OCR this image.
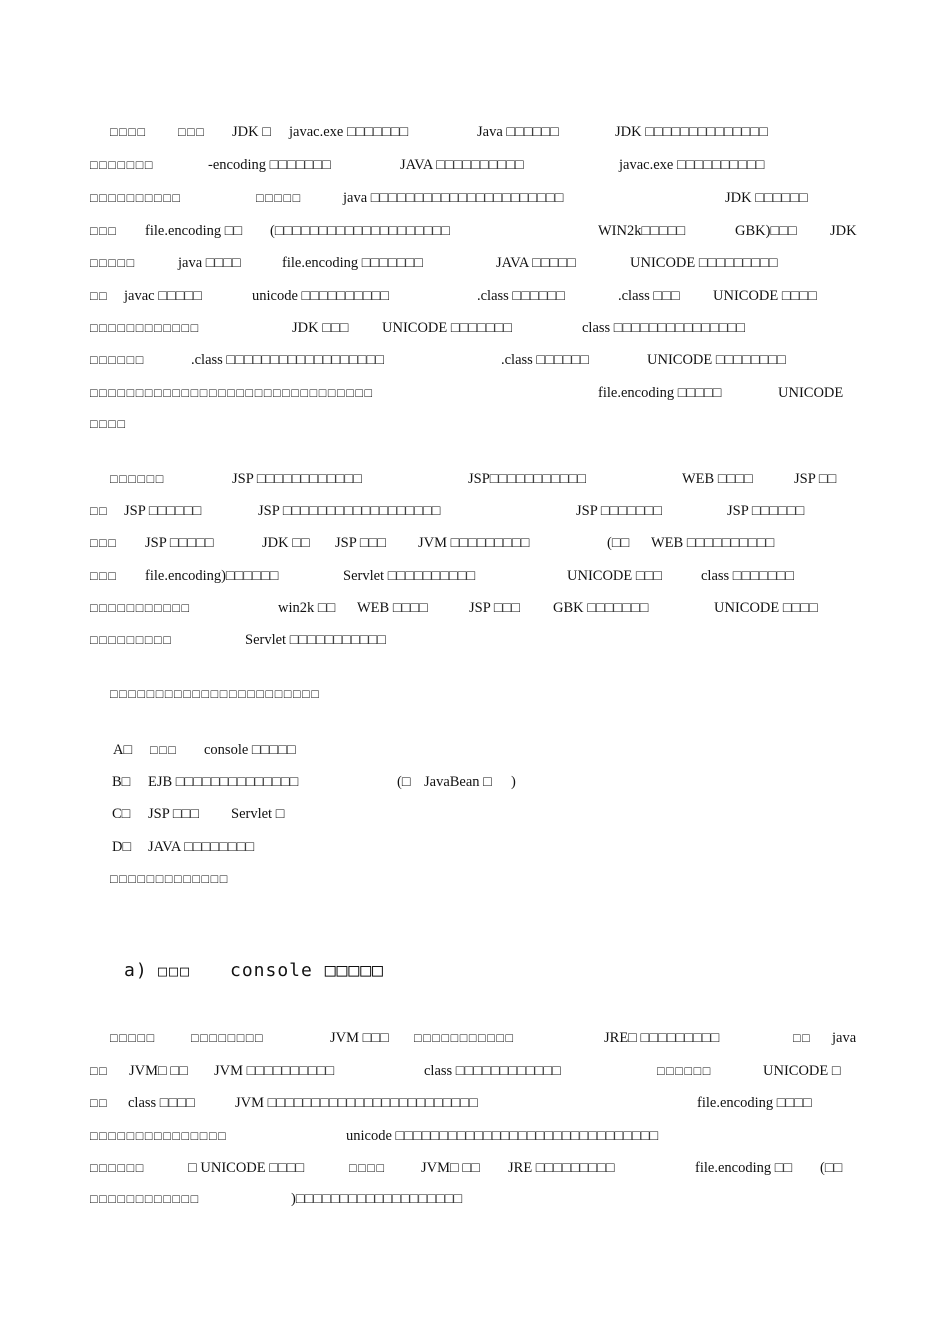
□□□□	□□□ JDK □ javac.exe □□□□□□□	Java □□□□□□	JDK □□□□□□□□□□□□□□
□□□□□□□	-encoding □□□□□□□	JAVA □□□□□□□□□□	javac.exe □□□□□□□□□□
□□□□□□□□□□	□□□□□	java □□□□□□□□□□□□□□□□□□□□□□	JDK □□□□□□
□□□ file.encoding □□ (□□□□□□□□□□□□□□□□□□□□	WIN2k□□□□□	GBK)□□□ JDK
□□□□□	java □□□□	file.encoding □□□□□□□	JAVA □□□□□	UNICODE □□□□□□□□□
□□ javac □□□□□	unicode □□□□□□□□□□	.class □□□□□□	.class □□□ UNICODE □□□□
□□□□□□□□□□□□	JDK □□□ UNICODE □□□□□□□	class □□□□□□□□□□□□□□□
□□□□□□	.class □□□□□□□□□□□□□□□□□□	.class □□□□□□	UNICODE □□□□□□□□
□□□□□□□□□□□□□□□□□□□□□□□□□□□□□□□	file.encoding □□□□□	UNICODE
□□□□
□□□□□□	JSP □□□□□□□□□□□□	JSP□□□□□□□□□□□	WEB □□□□	JSP □□
□□ JSP □□□□□□	JSP □□□□□□□□□□□□□□□□□□	JSP □□□□□□□	JSP □□□□□□
□□□ JSP □□□□□	JDK □□ JSP □□□ JVM □□□□□□□□□	(□□ WEB □□□□□□□□□□
□□□ file.encoding)□□□□□□	Servlet □□□□□□□□□□	UNICODE □□□	class □□□□□□□
□□□□□□□□□□□	win2k □□ WEB □□□□	JSP □□□ GBK □□□□□□□	UNICODE □□□□
□□□□□□□□□	Servlet □□□□□□□□□□□
□□□□□□□□□□□□□□□□□□□□□□□
A□ □□□ console □□□□□
B□ EJB □□□□□□□□□□□□□□	(□ JavaBean □ )
C□ JSP □□□ Servlet □
D□ JAVA □□□□□□□□
□□□□□□□□□□□□□
a) □□□ console □□□□□
□□□□□	□□□□□□□□	JVM □□□ □□□□□□□□□□□	JRE□ □□□□□□□□□	□□ java
□□ JVM□ □□ JVM □□□□□□□□□□	class □□□□□□□□□□□□	□□□□□□	UNICODE □
□□ class □□□□	JVM □□□□□□□□□□□□□□□□□□□□□□□□	file.encoding □□□□
□□□□□□□□□□□□□□□	unicode □□□□□□□□□□□□□□□□□□□□□□□□□□□□□□
□□□□□□	□ UNICODE □□□□	□□□□ JVM□ □□ JRE □□□□□□□□□	file.encoding □□ (□□
□□□□□□□□□□□□	)□□□□□□□□□□□□□□□□□□□
